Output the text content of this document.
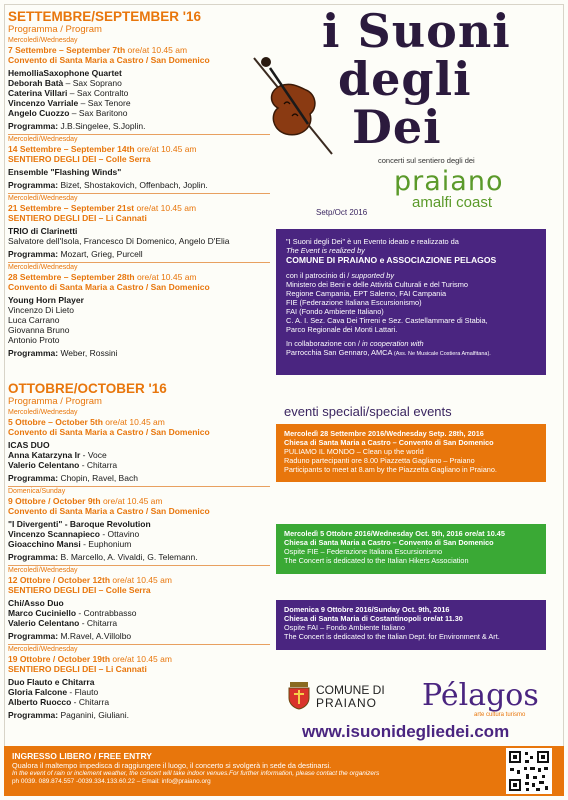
SETTEMBRE/SEPTEMBER '16
Programma / Program
Mercoledì/Wednesday
7 Settembre – September 7th ore/at 10.45 am
Convento di Santa Maria a Castro / San Domenico
HemolliaSaxophone Quartet
Deborah Batà – Sax Soprano
Caterina Villari – Sax Contralto
Vincenzo Varriale – Sax Tenore
Angelo Cuozzo – Sax Baritono
Programma: J.B.Singelee, S.Joplin.
Mercoledì/Wednesday
14 Settembre – September 14th ore/at 10.45 am
SENTIERO DEGLI DEI – Colle Serra
Ensemble "Flashing Winds"
Programma: Bizet, Shostakovich, Offenbach, Joplin.
Mercoledì/Wednesday
21 Settembre – September 21st ore/at 10.45 am
SENTIERO DEGLI DEI – Li Cannati
TRIO di Clarinetti
Salvatore dell'Isola, Francesco Di Domenico, Angelo D'Elia
Programma: Mozart, Grieg, Purcell
Mercoledì/Wednesday
28 Settembre – September 28th ore/at 10.45 am
Convento di Santa Maria a Castro / San Domenico
Young Horn Player
Vincenzo Di Lieto
Luca Carrano
Giovanna Bruno
Antonio Proto
Programma: Weber, Rossini
OTTOBRE/OCTOBER '16
Programma / Program
Mercoledì/Wednesday
5 Ottobre – October 5th ore/at 10.45 am
Convento di Santa Maria a Castro / San Domenico
ICAS DUO
Anna Katarzyna Ir - Voce
Valerio Celentano - Chitarra
Programma: Chopin, Ravel, Bach
Domenica/Sunday
9 Ottobre / October 9th ore/at 10.45 am
Convento di Santa Maria a Castro / San Domenico
"I Divergenti" - Baroque Revolution
Vincenzo Scannapieco - Ottavino
Gioacchino Mansi - Euphonium
Programma: B. Marcello, A. Vivaldi, G. Telemann.
Mercoledì/Wednesday
12 Ottobre / October 12th ore/at 10.45 am
SENTIERO DEGLI DEI – Colle Serra
Chi/Asso Duo
Marco Cuciniello - Contrabbasso
Valerio Celentano - Chitarra
Programma: M.Ravel, A.Villolbo
Mercoledì/Wednesday
19 Ottobre / October 19th ore/at 10.45 am
SENTIERO DEGLI DEI – Li Cannati
Duo Flauto e Chitarra
Gloria Falcone - Flauto
Alberto Ruocco - Chitarra
Programma: Paganini, Giuliani.
i Suoni
degli
Dei
concerti sul sentiero degli dei
praiano
amalfi coast
Setp/Oct 2016
"I Suoni degli Dei" è un Evento ideato e realizzato da
The Event is realized by
COMUNE DI PRAIANO e ASSOCIAZIONE PELAGOS
con il patrocinio di / supported by
Ministero dei Beni e delle Attività Culturali e del Turismo
Regione Campania, EPT Salerno, FAI Campania
FIE (Federazione Italiana Escursionismo)
FAI (Fondo Ambiente Italiano)
C. A. I. Sez. Cava Dei Tirreni e Sez. Castellammare di Stabia,
Parco Regionale dei Monti Lattari.
In collaborazione con / in cooperation with
Parrocchia San Gennaro, AMCA (Ass. Ne Musicale Costiera Amalfitana).
eventi speciali/special events
Mercoledì 28 Settembre 2016/Wednesday Setp. 28th, 2016
Chiesa di Santa Maria a Castro – Convento di San Domenico
PULIAMO IL MONDO – Clean up the world
Raduno partecipanti ore 8.00 Piazzetta Gagliano – Praiano
Participants to meet at 8.am by the Piazzetta Gagliano in Praiano.
Mercoledì 5 Ottobre 2016/Wednesday Oct. 5th, 2016 ore/at 10.45
Chiesa di Santa Maria a Castro – Convento di San Domenico
Ospite FIE – Federazione Italiana Escursionismo
The Concert is dedicated to the Italian Hikers Association
Domenica 9 Ottobre 2016/Sunday Oct. 9th, 2016
Chiesa di Santa Maria di Costantinopoli ore/at 11.30
Ospite FAI – Fondo Ambiente Italiano
The Concert is dedicated to the Italian Dept. for Environment & Art.
COMUNE DI
PRAIANO Pélagos
arte cultura turismo
www.isuonidegliedei.com
INGRESSO LIBERO / FREE ENTRY
Qualora il maltempo impedisca di raggiungere il luogo, il concerto si svolgerà in sede da destinarsi.
In the event of rain or inclement weather, the concert will take indoor venues.For further information, please contact the organizers
ph 0039. 089.874.557 -0039.334.133.60.22 – Email: info@praiano.org
